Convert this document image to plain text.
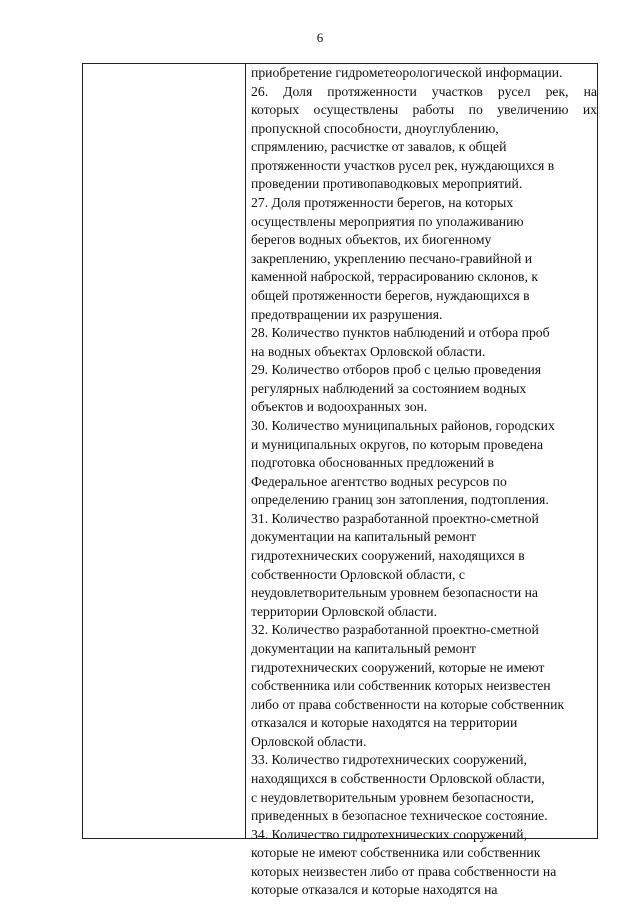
6
приобретение гидрометеорологической информации.
26. Доля протяженности участков русел рек, на
которых осуществлены работы по увеличению их
пропускной способности, дноуглублению,
спрямлению, расчистке от завалов, к общей
протяженности участков русел рек, нуждающихся в
проведении противопаводковых мероприятий.
27. Доля протяженности берегов, на которых
осуществлены мероприятия по уполаживанию
берегов водных объектов, их биогенному
закреплению, укреплению песчано-гравийной и
каменной наброской, террасированию склонов, к
общей протяженности берегов, нуждающихся в
предотвращении их разрушения.
28. Количество пунктов наблюдений и отбора проб
на водных объектах Орловской области.
29. Количество отборов проб с целью проведения
регулярных наблюдений за состоянием водных
объектов и водоохранных зон.
30. Количество муниципальных районов, городских
и муниципальных округов, по которым проведена
подготовка обоснованных предложений в
Федеральное агентство водных ресурсов по
определению границ зон затопления, подтопления.
31. Количество разработанной проектно-сметной
документации на капитальный ремонт
гидротехнических сооружений, находящихся в
собственности Орловской области, с
неудовлетворительным уровнем безопасности на
территории Орловской области.
32. Количество разработанной проектно-сметной
документации на капитальный ремонт
гидротехнических сооружений, которые не имеют
собственника или собственник которых неизвестен
либо от права собственности на которые собственник
отказался и которые находятся на территории
Орловской области.
33. Количество гидротехнических сооружений,
находящихся в собственности Орловской области,
с неудовлетворительным уровнем безопасности,
приведенных в безопасное техническое состояние.
34. Количество гидротехнических сооружений,
которые не имеют собственника или собственник
которых неизвестен либо от права собственности на
которые отказался и которые находятся на
